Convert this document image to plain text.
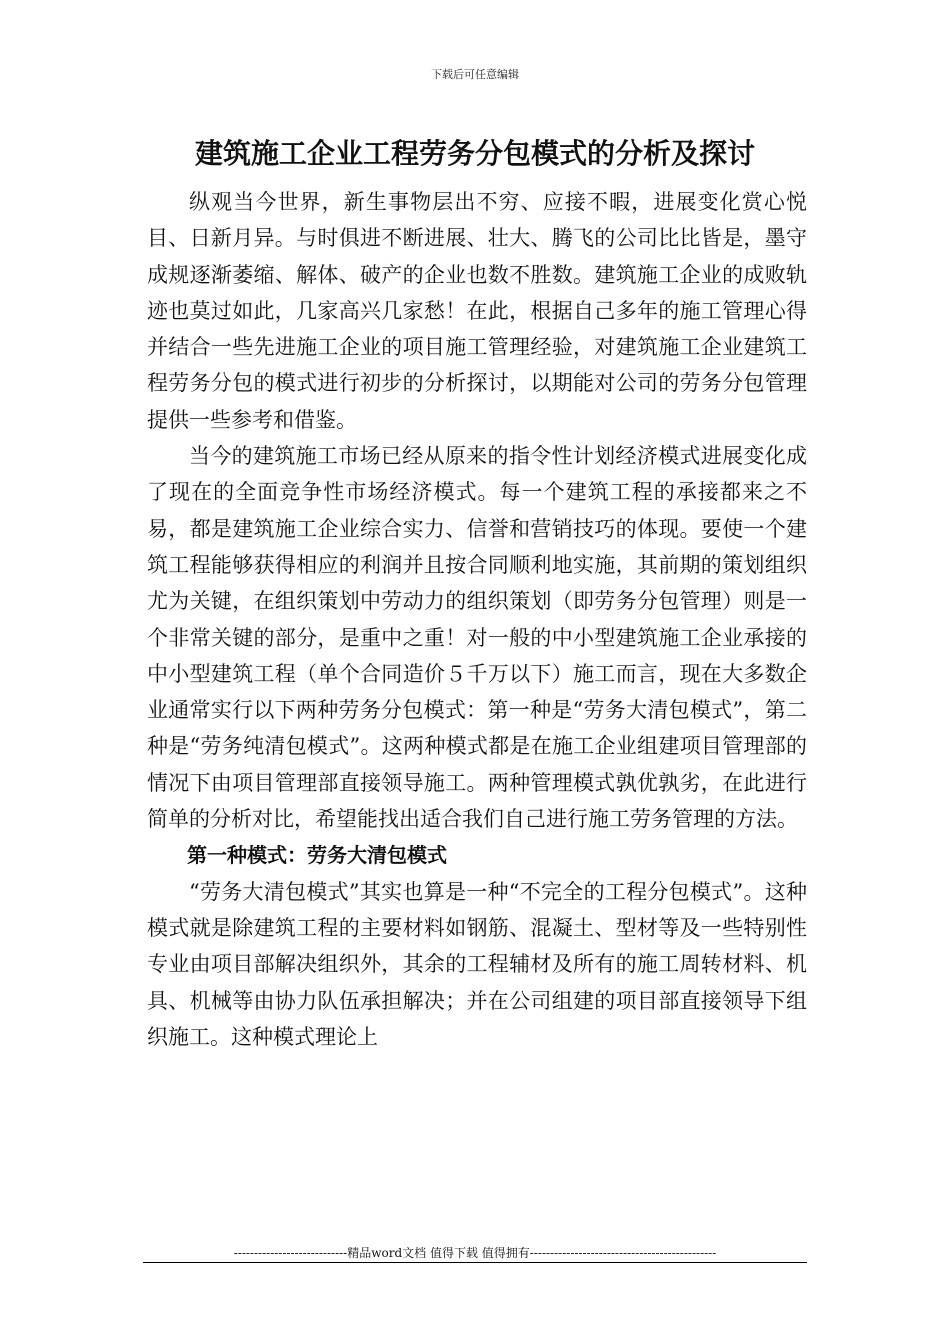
下载后可任意编辑
建筑施工企业工程劳务分包模式的分析及探讨

纵观当今世界，新生事物层出不穷、应接不暇，进展变化赏心悦目、日新月异。与时俱进不断进展、壮大、腾飞的公司比比皆是，墨守成规逐渐萎缩、解体、破产的企业也数不胜数。建筑施工企业的成败轨迹也莫过如此，几家高兴几家愁！在此，根据自己多年的施工管理心得并结合一些先进施工企业的项目施工管理经验，对建筑施工企业建筑工程劳务分包的模式进行初步的分析探讨，以期能对公司的劳务分包管理提供一些参考和借鉴。

当今的建筑施工市场已经从原来的指令性计划经济模式进展变化成了现在的全面竞争性市场经济模式。每一个建筑工程的承接都来之不易，都是建筑施工企业综合实力、信誉和营销技巧的体现。要使一个建筑工程能够获得相应的利润并且按合同顺利地实施，其前期的策划组织尤为关键，在组织策划中劳动力的组织策划（即劳务分包管理）则是一个非常关键的部分，是重中之重！对一般的中小型建筑施工企业承接的中小型建筑工程（单个合同造价５千万以下）施工而言，现在大多数企业通常实行以下两种劳务分包模式：第一种是“劳务大清包模式”，第二种是“劳务纯清包模式”。这两种模式都是在施工企业组建项目管理部的情况下由项目管理部直接领导施工。两种管理模式孰优孰劣，在此进行简单的分析对比，希望能找出适合我们自己进行施工劳务管理的方法。

第一种模式：劳务大清包模式

“劳务大清包模式”其实也算是一种“不完全的工程分包模式”。这种模式就是除建筑工程的主要材料如钢筋、混凝土、型材等及一些特别性专业由项目部解决组织外，其余的工程辅材及所有的施工周转材料、机具、机械等由协力队伍承担解决；并在公司组建的项目部直接领导下组织施工。这种模式理论上

----------------------------精品word文档 值得下载 值得拥有----------------------------------------------
